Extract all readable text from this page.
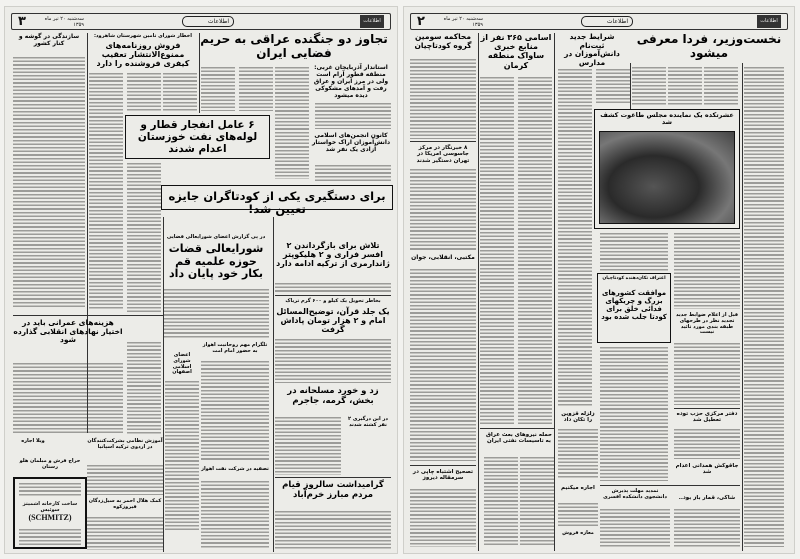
۳	سه‌شنبه ۲۰ تیر ماه ۱۳۵۹	اطلاعات	اطلاعات
تجاوز دو جنگنده عراقی به حریم فضایی ایران
استاندار آذربایجان غربی: منطقه قطور آرام است ولی در مرز ایران و عراق رفت و آمدهای مشکوکی دیده میشود
اخطار شورای تامین شهرستان شاهرود:
فروش روزنامه‌های ممنوع‌الانتشار تعقیب کیفری فروشنده را دارد
سازندگی در گوشه و کنار کشور
۶ عامل انفجار قطار و لوله‌های نفت خوزستان اعدام شدند
کانون انجمن‌های اسلامی دانش‌آموزان اراک خواستار آزادی یک نفر شد
برای دستگیری یکی از کودتاگران جایزه تعیین شد!
در پی گزارش اعضای شورایعالی قضایی
شورایعالی قضات حوزه علمیه قم بکار خود پایان داد
تلاش برای بازگرداندن ۲ افسر فراری و ۲ هلیکوپتر ژاندارمری از ترکیه ادامه دارد
بخاطر تحویل یک کیلو و ۶۰۰ گرم تریاک
یک جلد قرآن، توضیح‌المسائل امام و ۲ هزار تومان پاداش گرفت
هزینه‌های عمرانی باید در اختیار نهادهای انقلابی گذارده شود
تلگرام مهم روحانیت اهواز به حضور امام امت
اعضای شورای اسلامی اصفهان
زد و خورد مسلحانه در بخش، گرمه، جاجرم
در این درگیری ۲ نفر کشته شدند
آموزش نظامی بشرکت‌کنندگان در اردوی ترکیه اسپانیا
کمک هلال احمر به سیل‌زدگان فیروزکوه
تصفیه در شرکت نفت اهواز
گرامیداشت سالروز قیام مردم مبارز خرم‌آباد
ویلا اجاره
حراج فرش و مبلمان هلو رستان
ساخت کارخانه اشمیتز سوئیس
(SCHMITZ)
۲	سه‌شنبه ۲۰ تیر ماه ۱۳۵۹	اطلاعات	اطلاعات
نخست‌وزیر، فردا معرفی میشود
شرایط جدید ثبت‌نام دانش‌آموزان در مدارس
اسامی ۳۶۵ نفر از منابع خبری ساواک منطقه کرمان
محاکمه سومین گروه کودتاچیان
۸ خبرنگار در مرکز جاسوسی امریکا در تهران دستگیر شدند
عشرتکده یک نماینده مجلس طاغوت کشف شد
اعتراف تکان‌دهنده کودتاچیان
موافقت کشورهای بزرگ و چریکهای فدائی خلق برای کودتا جلب شده بود	قبل از اعلام ضوابط جدید تجدید نظر در طرحهای طبقه بندی مورد تائید نیست
مکتبی، انقلابی، جوان
زلزله قزوین را تکان داد
حمله نیروهای بعث عراق به تاسیسات نفتی ایران
دفتر مرکزی حزب توده تعطیل شد
جاقوکش همدانی اعدام شد
تصحیح اشتباه چاپی در سرمقاله دیروز
اجاره میکنیم	تمدید مهلت پذیرش دانشجوی دانشکده افسری	شاکی، قمار باز بود..
معازه فروش
